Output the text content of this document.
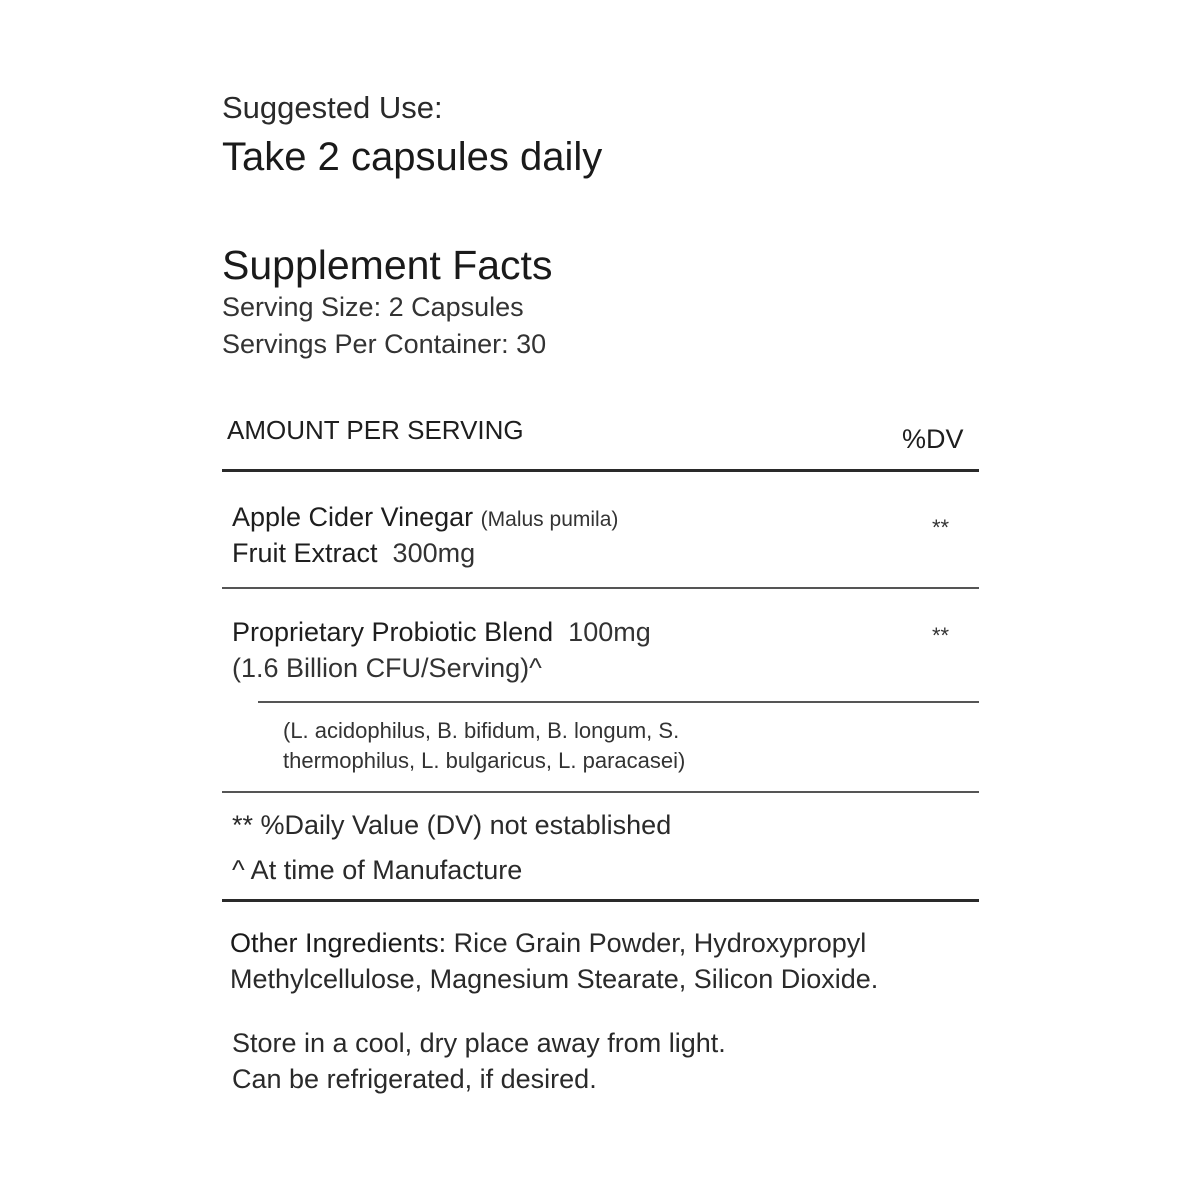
Suggested Use:
Take 2 capsules daily
Supplement Facts
Serving Size: 2 Capsules
Servings Per Container: 30
AMOUNT PER SERVING	%DV
Apple Cider Vinegar (Malus pumila)
Fruit Extract 300mg
**
Proprietary Probiotic Blend 100mg
(1.6 Billion CFU/Serving)^
**
(L. acidophilus, B. bifidum, B. longum, S.
thermophilus, L. bulgaricus, L. paracasei)
** %Daily Value (DV) not established
^ At time of Manufacture
Other Ingredients: Rice Grain Powder, Hydroxypropyl
Methylcellulose, Magnesium Stearate, Silicon Dioxide.
Store in a cool, dry place away from light.
Can be refrigerated, if desired.
